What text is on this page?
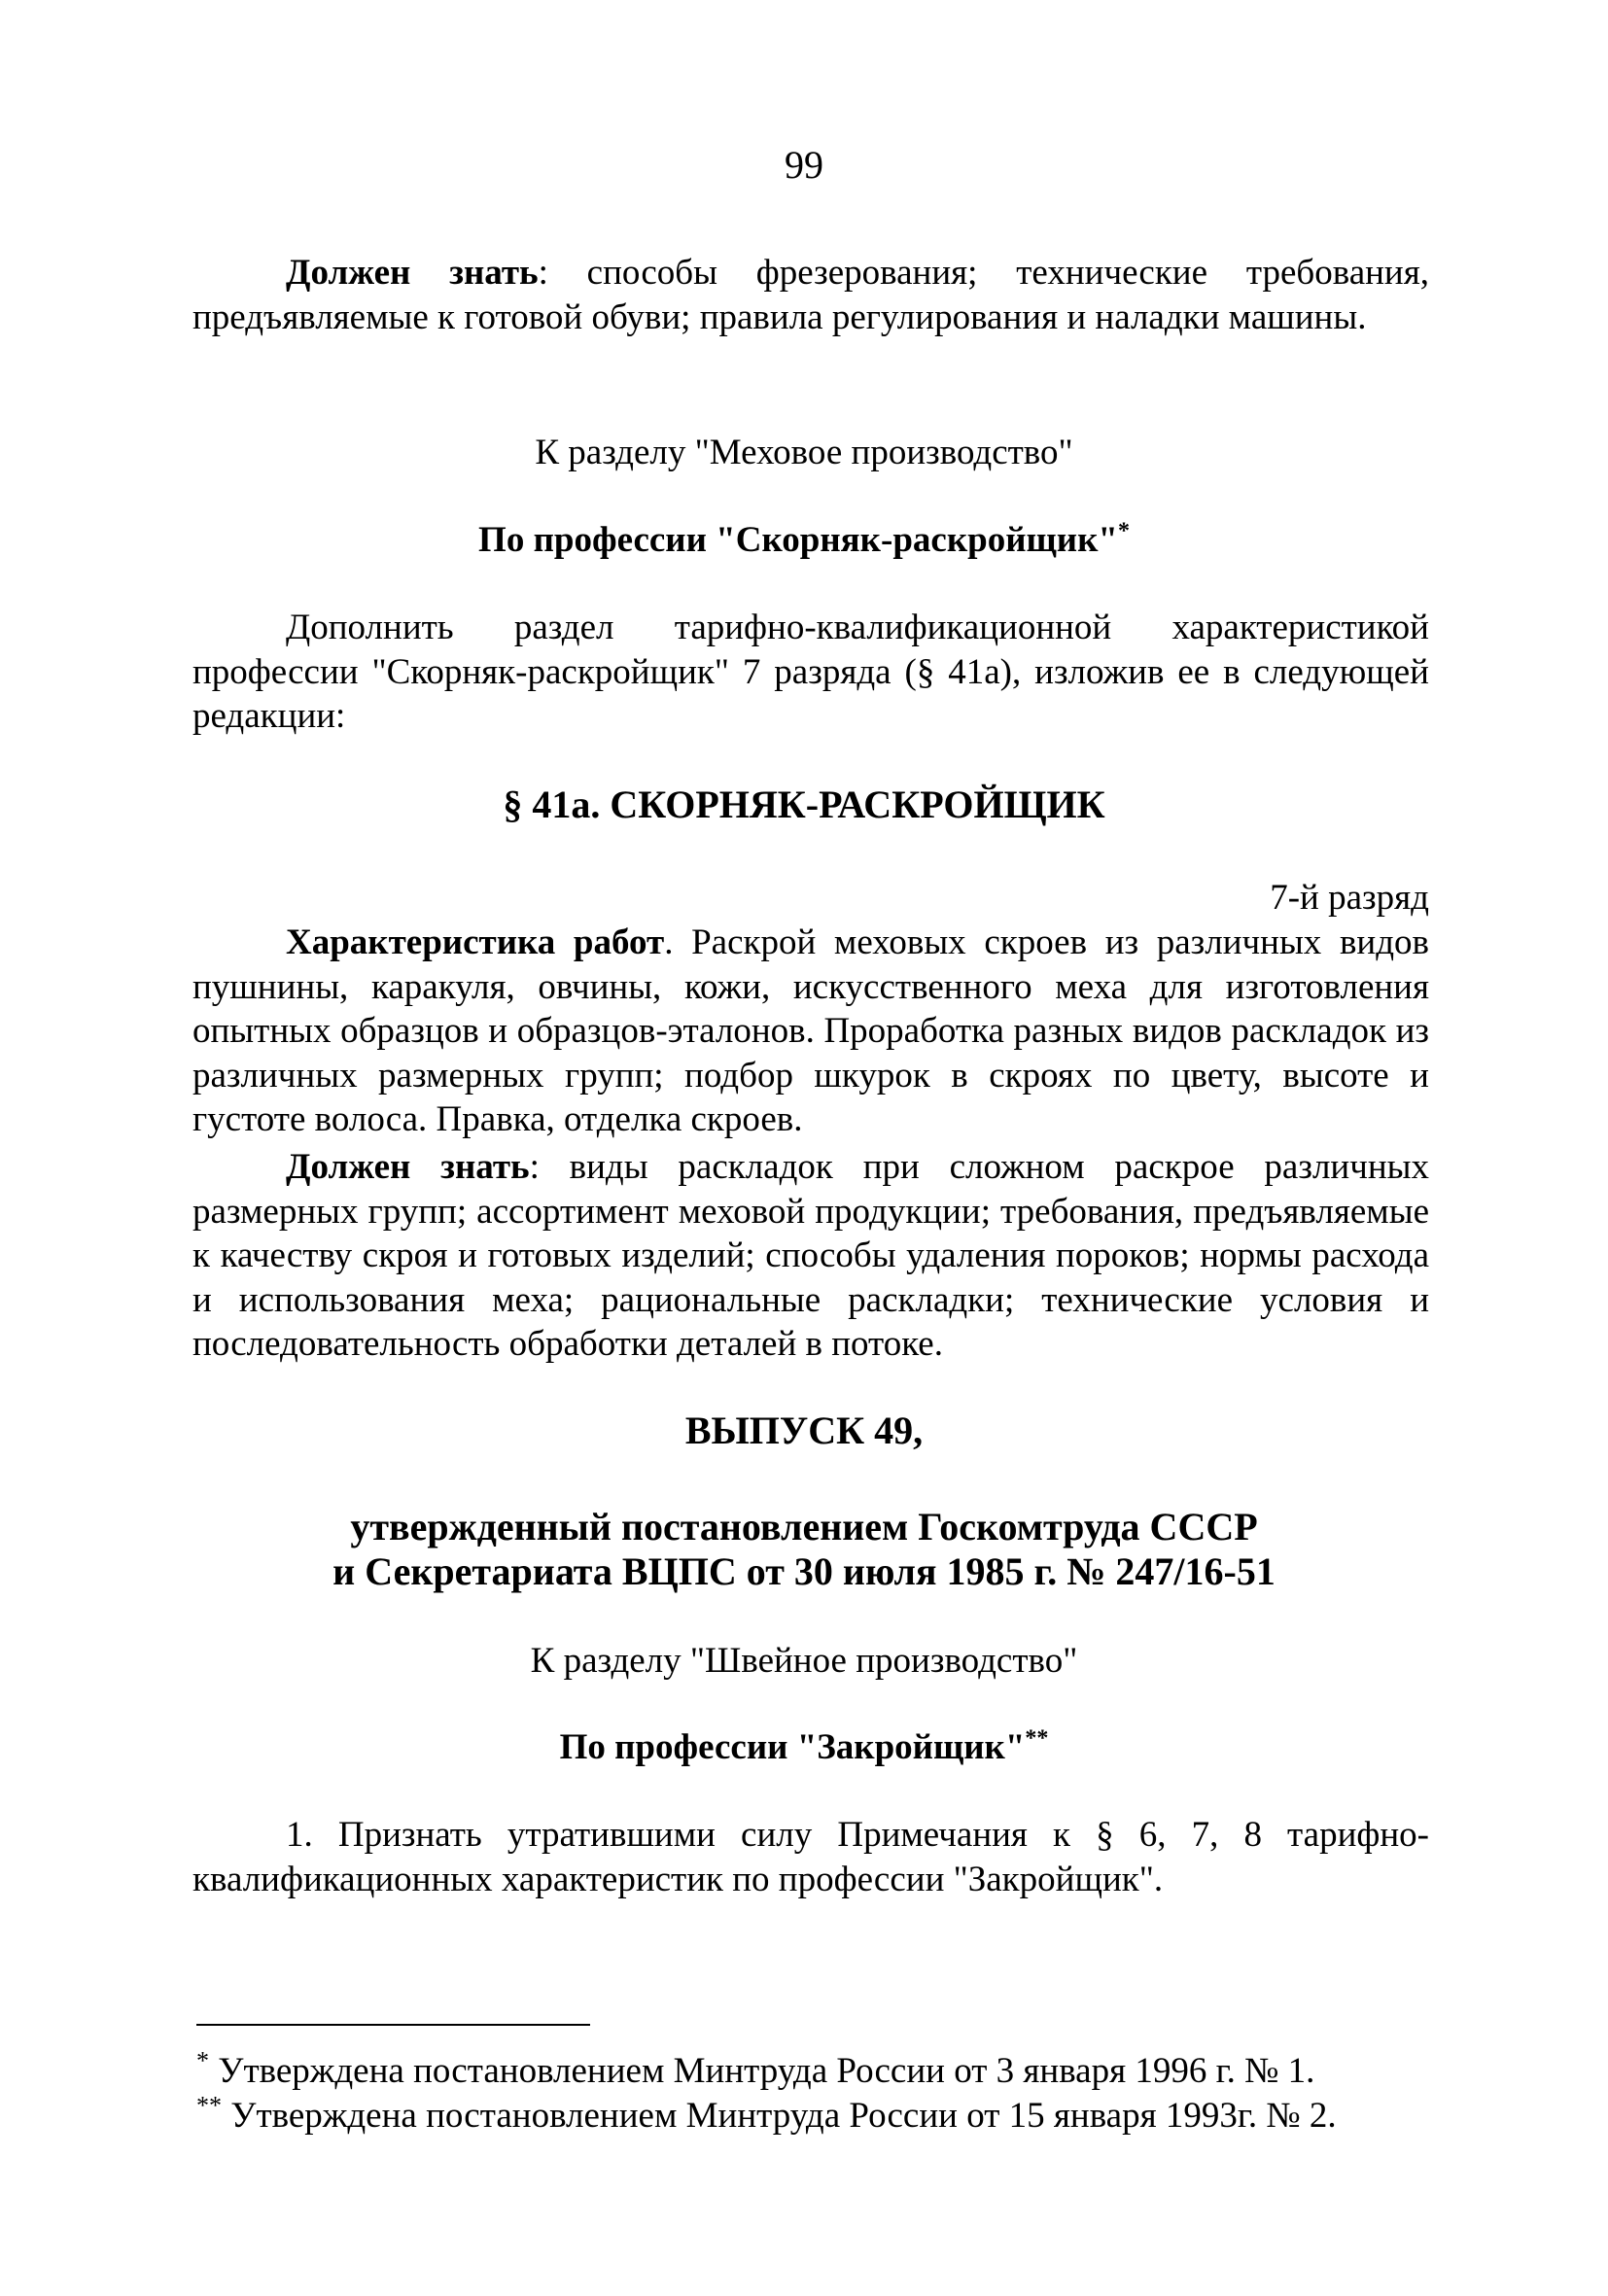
99
Должен знать: способы фрезерования; технические требования, предъявляемые к готовой обуви; правила регулирования и наладки машины.
К разделу "Меховое производство"
По профессии "Скорняк-раскройщик"*
Дополнить раздел тарифно-квалификационной характеристикой профессии "Скорняк-раскройщик" 7 разряда (§ 41а), изложив ее в следующей редакции:
§ 41а. СКОРНЯК-РАСКРОЙЩИК
7-й разряд
Характеристика работ. Раскрой меховых скроев из различных видов пушнины, каракуля, овчины, кожи, искусственного меха для изготовления опытных образцов и образцов-эталонов. Проработка разных видов раскладок из различных размерных групп; подбор шкурок в скроях по цвету, высоте и густоте волоса. Правка, отделка скроев.
Должен знать: виды раскладок при сложном раскрое различных размерных групп; ассортимент меховой продукции; требования, предъявляемые к качеству скроя и готовых изделий; способы удаления пороков; нормы расхода и использования меха; рациональные раскладки; технические условия и последовательность обработки деталей в потоке.
ВЫПУСК 49,
утвержденный постановлением Госкомтруда СССР
и Секретариата ВЦПС от 30 июля 1985 г. № 247/16-51
К разделу "Швейное производство"
По профессии "Закройщик"**
1. Признать утратившими силу Примечания к § 6, 7, 8 тарифно-квалификационных характеристик по профессии "Закройщик".
* Утверждена постановлением Минтруда России от 3 января 1996 г. № 1.
** Утверждена постановлением Минтруда России от 15 января 1993г. № 2.
